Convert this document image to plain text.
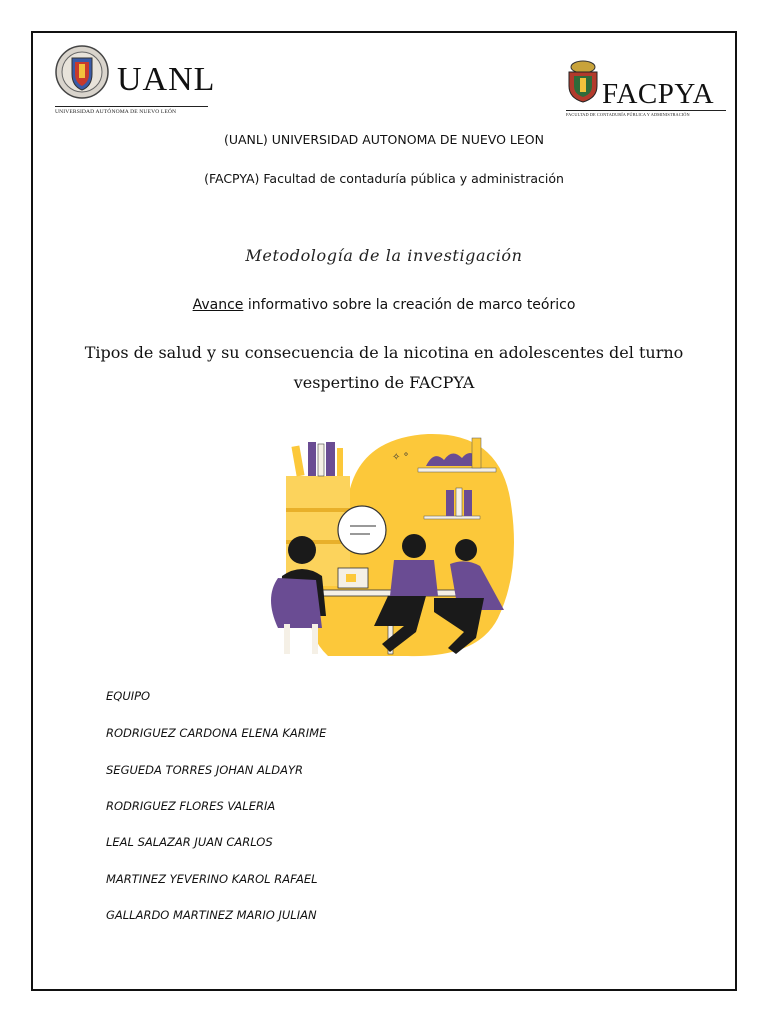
UANL
UNIVERSIDAD AUTÓNOMA DE NUEVO LEÓN
FACPYA
FACULTAD DE CONTADURÍA PÚBLICA Y ADMINISTRACIÓN
(UANL) UNIVERSIDAD AUTONOMA DE NUEVO LEON
(FACPYA) Facultad de contaduría pública y administración
Metodología de la investigación
Avance informativo sobre la creación de marco teórico
Tipos de salud y su consecuencia de la nicotina en adolescentes del turno
vespertino de FACPYA
✧ °
EQUIPO
RODRIGUEZ CARDONA ELENA KARIME
SEGUEDA TORRES JOHAN ALDAYR
RODRIGUEZ FLORES VALERIA
LEAL SALAZAR JUAN CARLOS
MARTINEZ YEVERINO KAROL RAFAEL
GALLARDO MARTINEZ MARIO JULIAN
